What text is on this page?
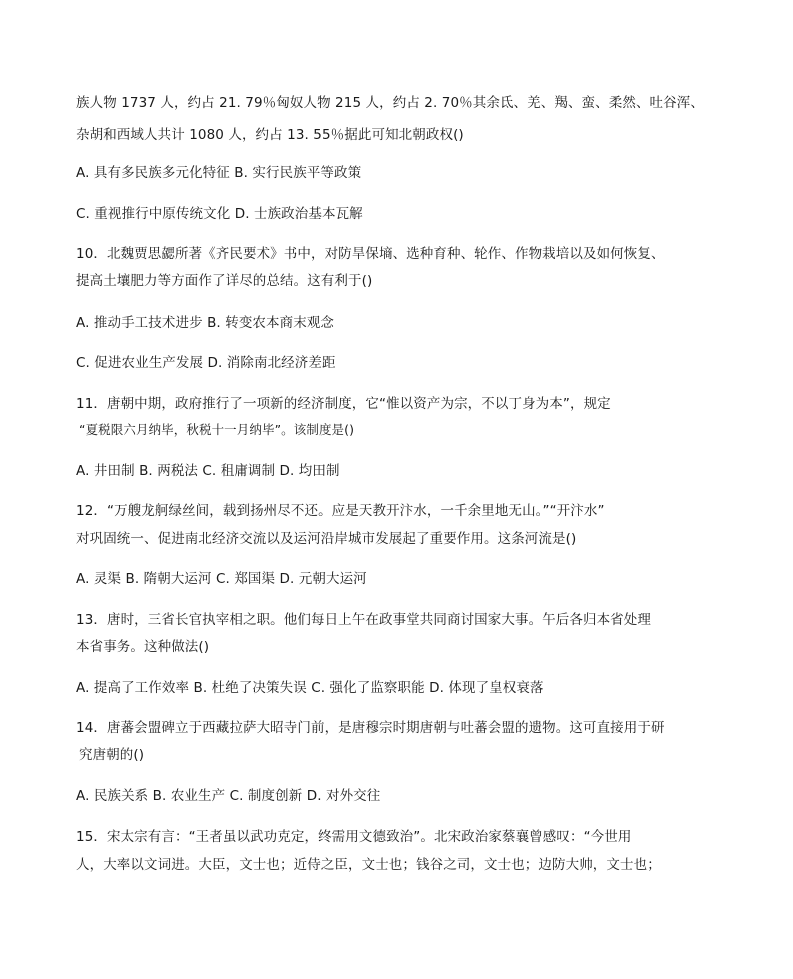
族人物 1737 人，约占 21. 79％匈奴人物 215 人，约占 2. 70％其余氐、羌、羯、蛮、柔然、吐谷浑、
杂胡和西域人共计 1080 人，约占 13. 55％据此可知北朝政权()
A. 具有多民族多元化特征 B. 实行民族平等政策
C. 重视推行中原传统文化 D. 士族政治基本瓦解
10．北魏贾思勰所著《齐民要术》书中，对防旱保墒、选种育种、轮作、作物栽培以及如何恢复、
提高土壤肥力等方面作了详尽的总结。这有利于()
A. 推动手工技术进步 B. 转变农本商末观念
C. 促进农业生产发展 D. 消除南北经济差距
11．唐朝中期，政府推行了一项新的经济制度，它“惟以资产为宗，不以丁身为本”，规定
“夏税限六月纳毕，秋税十一月纳毕”。该制度是()
A. 井田制 B. 两税法 C. 租庸调制 D. 均田制
12．“万艘龙舸绿丝间，载到扬州尽不还。应是天教开汴水，一千余里地无山。”“开汴水”
对巩固统一、促进南北经济交流以及运河沿岸城市发展起了重要作用。这条河流是()
A. 灵渠 B. 隋朝大运河 C. 郑国渠 D. 元朝大运河
13．唐时，三省长官执宰相之职。他们每日上午在政事堂共同商讨国家大事。午后各归本省处理
本省事务。这种做法()
A. 提高了工作效率 B. 杜绝了决策失误 C. 强化了监察职能 D. 体现了皇权衰落
14．唐蕃会盟碑立于西藏拉萨大昭寺门前，是唐穆宗时期唐朝与吐蕃会盟的遗物。这可直接用于研
究唐朝的()
A. 民族关系 B. 农业生产 C. 制度创新 D. 对外交往
15．宋太宗有言：“王者虽以武功克定，终需用文德致治”。北宋政治家蔡襄曾感叹：“今世用
人，大率以文词进。大臣，文士也；近侍之臣，文士也；钱谷之司，文士也；边防大帅，文士也；
